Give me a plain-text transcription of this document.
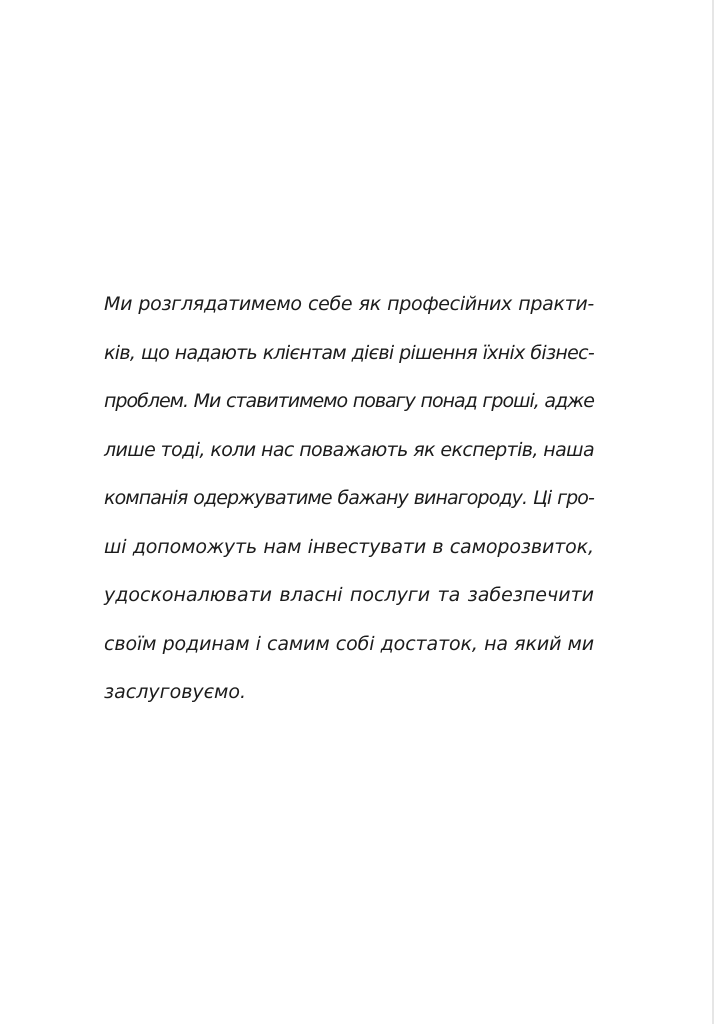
Ми розглядатимемо себе як професійних практи-
ків, що надають клієнтам дієві рішення їхніх бізнес-
проблем. Ми ставитимемо повагу понад гроші, адже
лише тоді, коли нас поважають як експертів, наша
компанія одержуватиме бажану винагороду. Ці гро-
ші допоможуть нам інвестувати в саморозвиток,
удосконалювати власні послуги та забезпечити
своїм родинам і самим собі достаток, на який ми
заслуговуємо.
